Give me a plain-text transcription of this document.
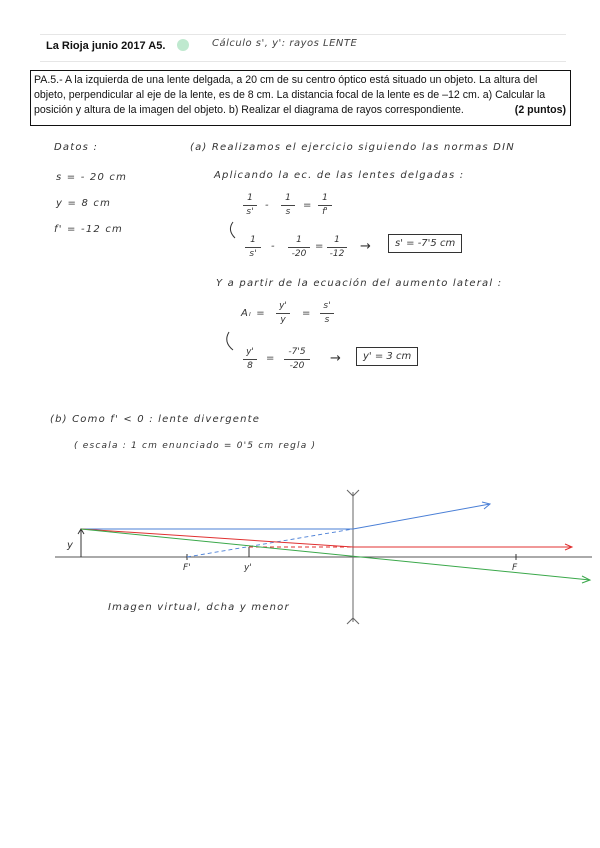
La Rioja junio 2017 A5.	Cálculo s', y': rayos LENTE
PA.5.- A la izquierda de una lente delgada, a 20 cm de su centro óptico está situado un objeto. La altura del objeto, perpendicular al eje de la lente, es de 8 cm. La distancia focal de la lente es de –12 cm. a) Calcular la posición y altura de la imagen del objeto. b) Realizar el diagrama de rayos correspondiente.	(2 puntos)
Datos :
s = - 20 cm
y = 8 cm
f' = -12 cm
(a) Realizamos el ejercicio siguiendo las normas DIN
Aplicando la ec. de las lentes delgadas :
$\frac{1}{s'} - \frac{1}{s} = \frac{1}{f'}$
$\frac{1}{s'} - \frac{1}{-20} = \frac{1}{-12}$ →	s' = -7'5 cm
Y a partir de la ecuación del aumento lateral :
$A_l = \frac{y'}{y} = \frac{s'}{s}$
$\frac{y'}{8} = \frac{-7'5}{-20}$ →	y' = 3 cm
(b) Como f' < 0 : lente divergente
( escala : 1 cm enunciado = 0'5 cm regla )
y
y'
F'	F
Imagen virtual, dcha y menor
